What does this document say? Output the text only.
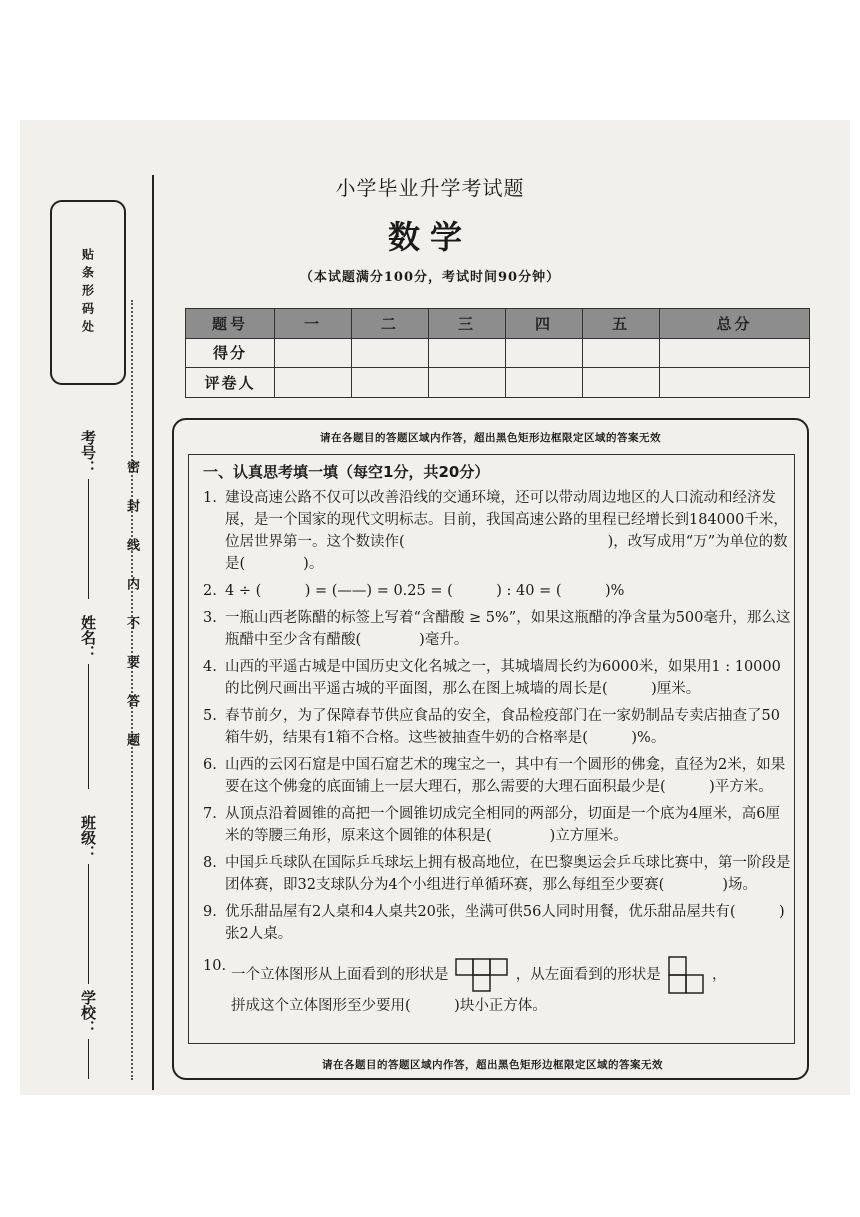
贴条形码处
考号：
姓名：
班级：
学校：
密封线内不要答题
小学毕业升学考试题
数学
（本试题满分100分，考试时间90分钟）
题号	一	二	三	四	五	总分
得分						
评卷人						
请在各题目的答题区域内作答，超出黑色矩形边框限定区域的答案无效
一、认真思考填一填（每空1分，共20分）
1. 建设高速公路不仅可以改善沿线的交通环境，还可以带动周边地区的人口流动和经济发展，是一个国家的现代文明标志。目前，我国高速公路的里程已经增长到184000千米，位居世界第一。这个数读作(　　　　　　　　　　　　　　)，改写成用“万”为单位的数是(　　　　)。
2. 4 ÷ (　　　) = (——) = 0.25 = (　　　) : 40 = (　　　)%
3. 一瓶山西老陈醋的标签上写着“含醋酸 ≥ 5%”，如果这瓶醋的净含量为500毫升，那么这瓶醋中至少含有醋酸(　　　　)毫升。
4. 山西的平遥古城是中国历史文化名城之一，其城墙周长约为6000米，如果用1 : 10000的比例尺画出平遥古城的平面图，那么在图上城墙的周长是(　　　)厘米。
5. 春节前夕，为了保障春节供应食品的安全，食品检疫部门在一家奶制品专卖店抽查了50箱牛奶，结果有1箱不合格。这些被抽查牛奶的合格率是(　　　)%。
6. 山西的云冈石窟是中国石窟艺术的瑰宝之一，其中有一个圆形的佛龛，直径为2米，如果要在这个佛龛的底面铺上一层大理石，那么需要的大理石面积最少是(　　　)平方米。
7. 从顶点沿着圆锥的高把一个圆锥切成完全相同的两部分，切面是一个底为4厘米，高6厘米的等腰三角形，原来这个圆锥的体积是(　　　　)立方厘米。
8. 中国乒乓球队在国际乒乓球坛上拥有极高地位，在巴黎奥运会乒乓球比赛中，第一阶段是团体赛，即32支球队分为4个小组进行单循环赛，那么每组至少要赛(　　　　)场。
9. 优乐甜品屋有2人桌和4人桌共20张，坐满可供56人同时用餐，优乐甜品屋共有(　　　)张2人桌。
10.
一个立体图形从上面看到的形状是	，从左面看到的形状是	，
拼成这个立体图形至少要用(　　　)块小正方体。
请在各题目的答题区域内作答，超出黑色矩形边框限定区域的答案无效
